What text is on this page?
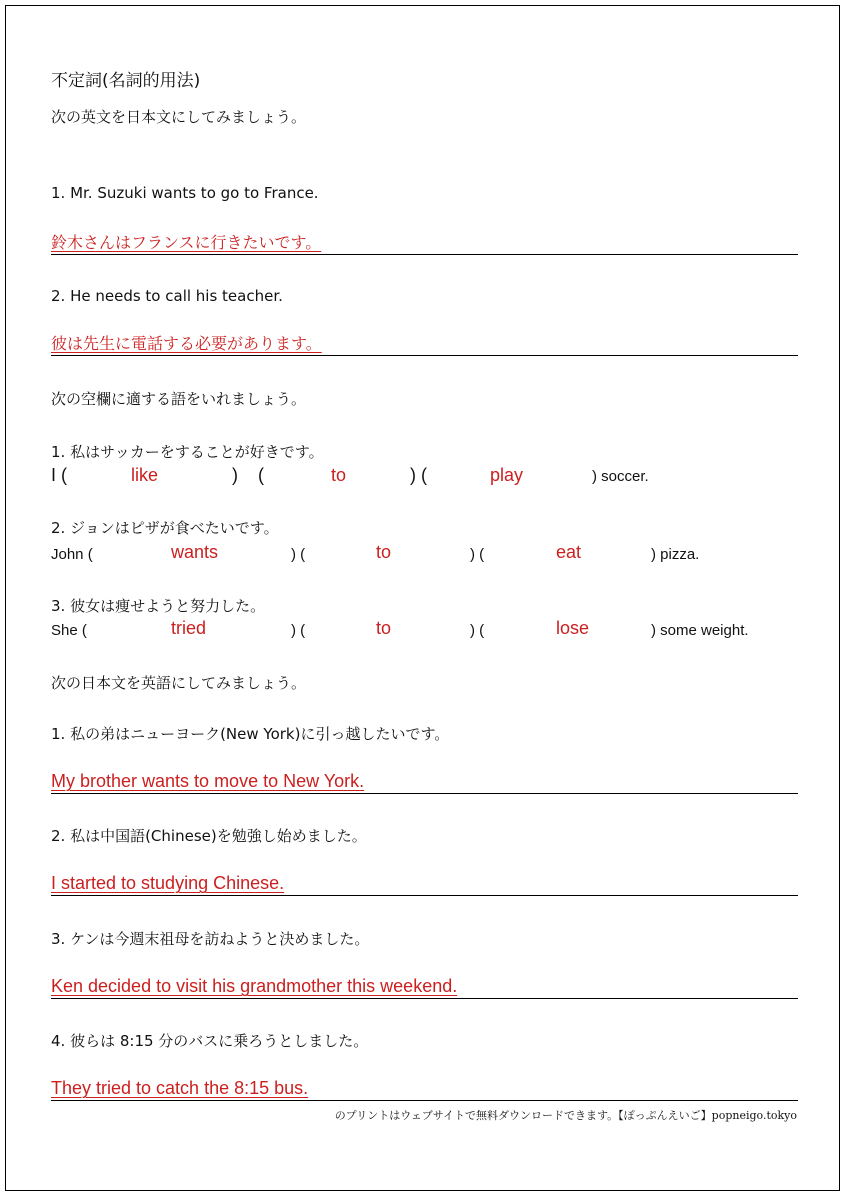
不定詞(名詞的用法)
次の英文を日本文にしてみましょう。
1. Mr. Suzuki wants to go to France.
鈴木さんはフランスに行きたいです。
2. He needs to call his teacher.
彼は先生に電話する必要があります。
次の空欄に適する語をいれましょう。
1. 私はサッカーをすることが好きです。
I (	like	) (	to	) (	play	) soccer.
2. ジョンはピザが食べたいです。
John (	wants	) (	to	) (	eat	) pizza.
3. 彼女は痩せようと努力した。
She (	tried	) (	to	) (	lose	) some weight.
次の日本文を英語にしてみましょう。
1. 私の弟はニューヨーク(New York)に引っ越したいです。
My brother wants to move to New York.
2. 私は中国語(Chinese)を勉強し始めました。
I started to studying Chinese.
3. ケンは今週末祖母を訪ねようと決めました。
Ken decided to visit his grandmother this weekend.
4. 彼らは 8:15 分のバスに乗ろうとしました。
They tried to catch the 8:15 bus.
のプリントはウェブサイトで無料ダウンロードできます。【ぽっぷんえいご】popneigo.tokyo
